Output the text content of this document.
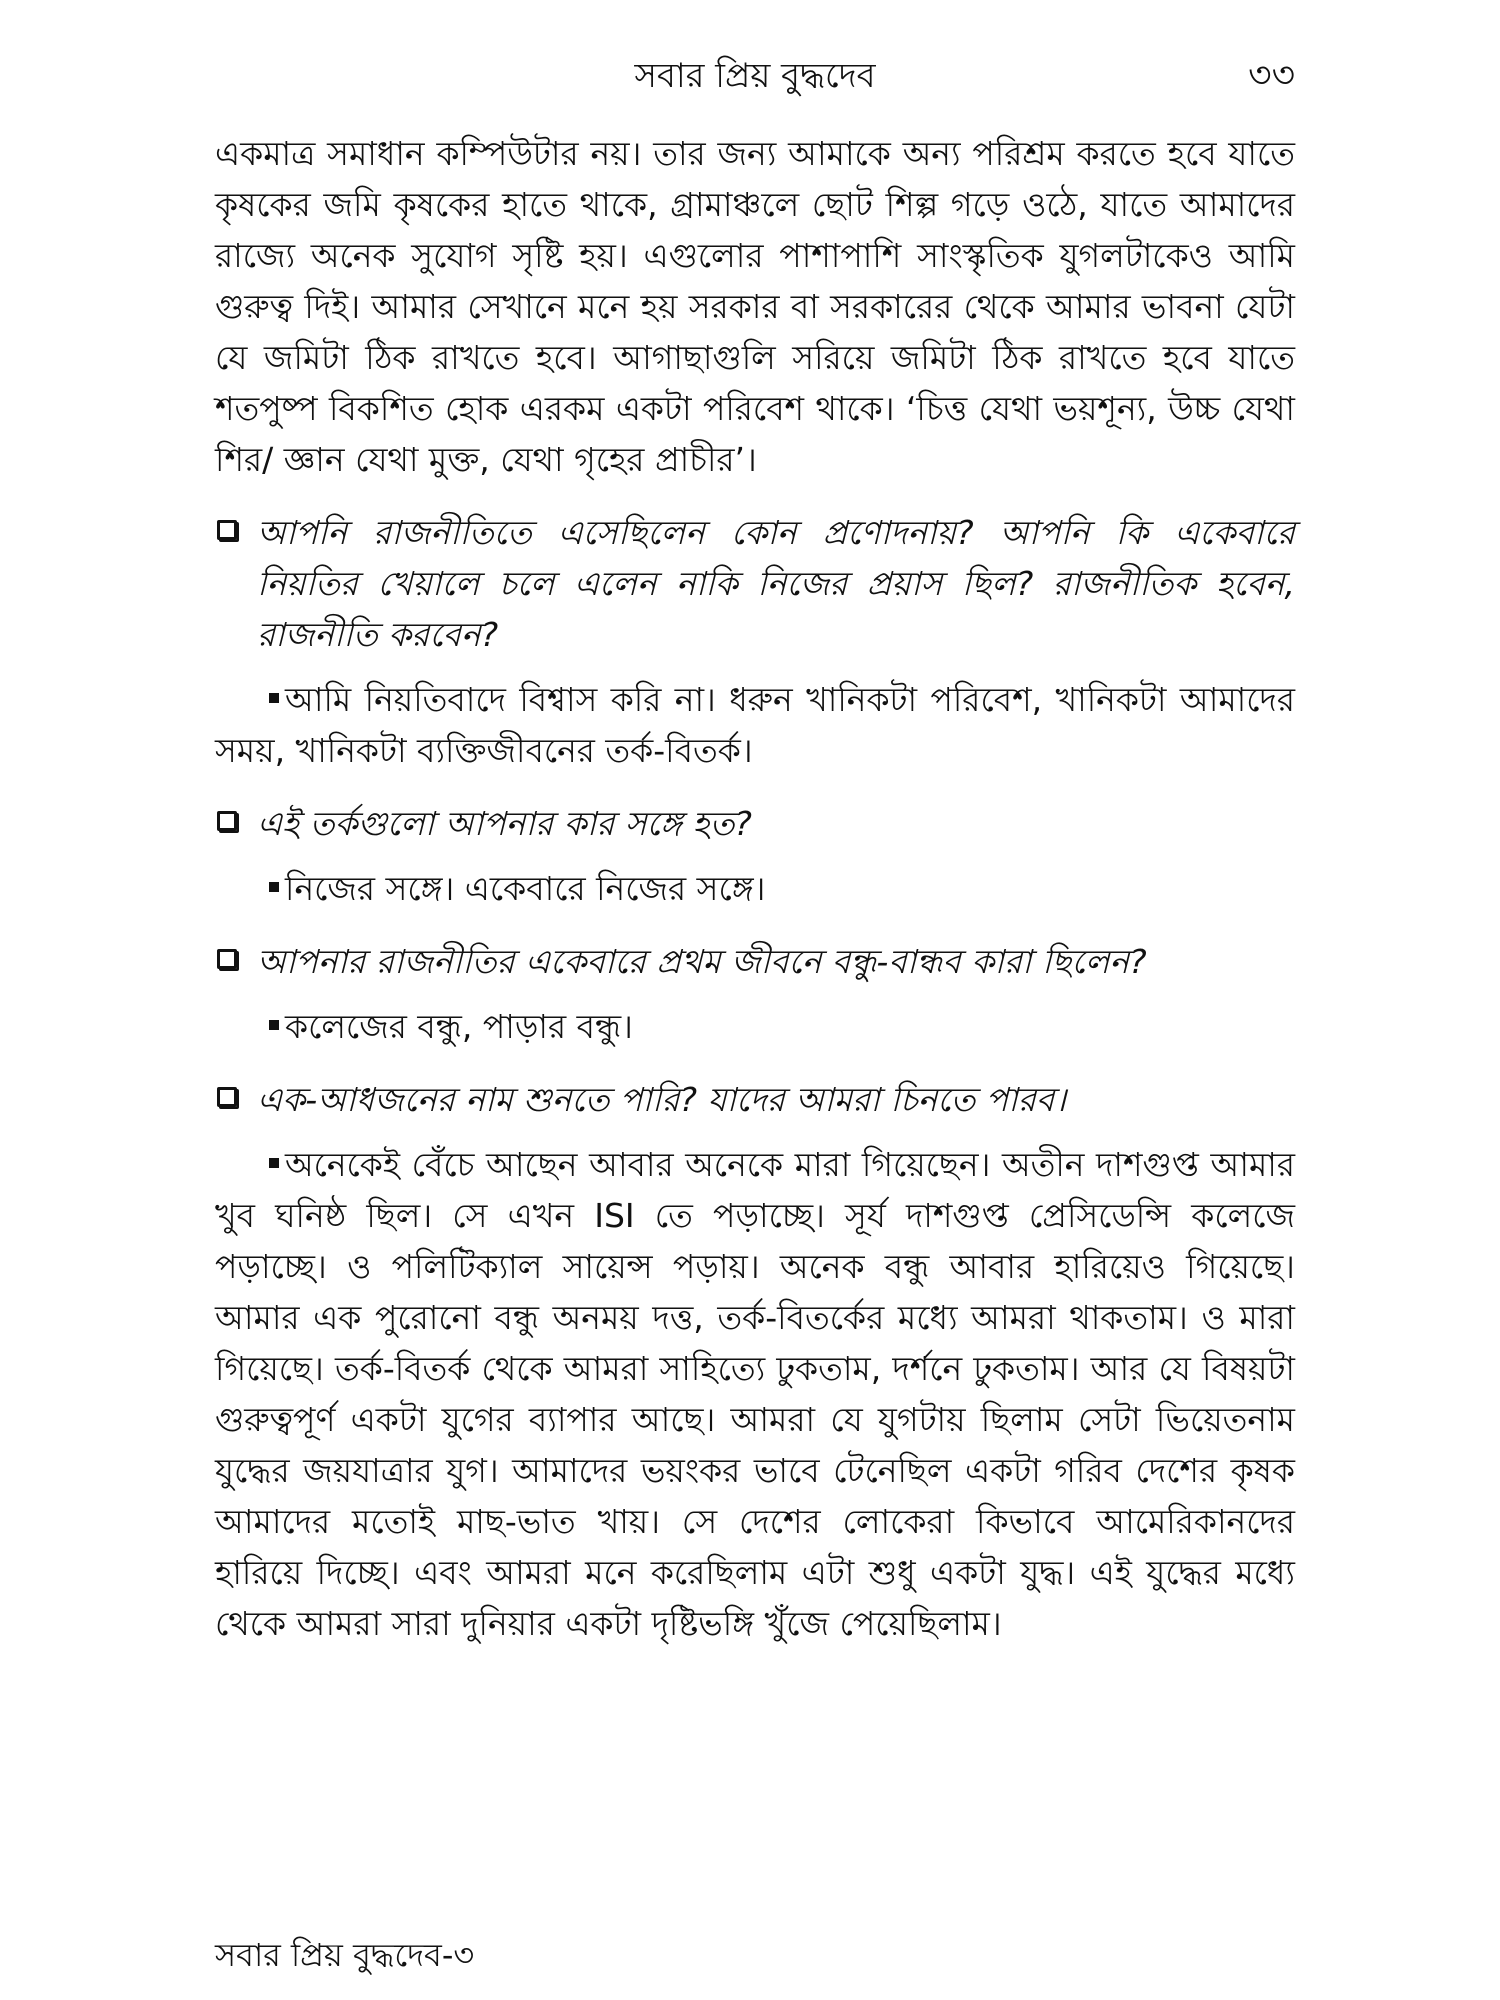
সবার প্রিয় বুদ্ধদেব	৩৩

একমাত্র সমাধান কম্পিউটার নয়। তার জন্য আমাকে অন্য পরিশ্রম করতে হবে যাতে কৃষকের জমি কৃষকের হাতে থাকে, গ্রামাঞ্চলে ছোট শিল্প গড়ে ওঠে, যাতে আমাদের রাজ্যে অনেক সুযোগ সৃষ্টি হয়। এগুলোর পাশাপাশি সাংস্কৃতিক যুগলটাকেও আমি গুরুত্ব দিই। আমার সেখানে মনে হয় সরকার বা সরকারের থেকে আমার ভাবনা যেটা যে জমিটা ঠিক রাখতে হবে। আগাছাগুলি সরিয়ে জমিটা ঠিক রাখতে হবে যাতে শতপুষ্প বিকশিত হোক এরকম একটা পরিবেশ থাকে। ‘চিত্ত যেথা ভয়শূন্য, উচ্চ যেথা শির/ জ্ঞান যেথা মুক্ত, যেথা গৃহের প্রাচীর’।

আপনি রাজনীতিতে এসেছিলেন কোন প্রণোদনায়? আপনি কি একেবারে নিয়তির খেয়ালে চলে এলেন নাকি নিজের প্রয়াস ছিল? রাজনীতিক হবেন, রাজনীতি করবেন?

আমি নিয়তিবাদে বিশ্বাস করি না। ধরুন খানিকটা পরিবেশ, খানিকটা আমাদের সময়, খানিকটা ব্যক্তিজীবনের তর্ক-বিতর্ক।

এই তর্কগুলো আপনার কার সঙ্গে হত?

নিজের সঙ্গে। একেবারে নিজের সঙ্গে।

আপনার রাজনীতির একেবারে প্রথম জীবনে বন্ধু-বান্ধব কারা ছিলেন?

কলেজের বন্ধু, পাড়ার বন্ধু।

এক-আধজনের নাম শুনতে পারি? যাদের আমরা চিনতে পারব।

অনেকেই বেঁচে আছেন আবার অনেকে মারা গিয়েছেন। অতীন দাশগুপ্ত আমার খুব ঘনিষ্ঠ ছিল। সে এখন ISI তে পড়াচ্ছে। সূর্য দাশগুপ্ত প্রেসিডেন্সি কলেজে পড়াচ্ছে। ও পলিটিক্যাল সায়েন্স পড়ায়। অনেক বন্ধু আবার হারিয়েও গিয়েছে। আমার এক পুরোনো বন্ধু অনময় দত্ত, তর্ক-বিতর্কের মধ্যে আমরা থাকতাম। ও মারা গিয়েছে। তর্ক-বিতর্ক থেকে আমরা সাহিত্যে ঢুকতাম, দর্শনে ঢুকতাম। আর যে বিষয়টা গুরুত্বপূর্ণ একটা যুগের ব্যাপার আছে। আমরা যে যুগটায় ছিলাম সেটা ভিয়েতনাম যুদ্ধের জয়যাত্রার যুগ। আমাদের ভয়ংকর ভাবে টেনেছিল একটা গরিব দেশের কৃষক আমাদের মতোই মাছ-ভাত খায়। সে দেশের লোকেরা কিভাবে আমেরিকানদের হারিয়ে দিচ্ছে। এবং আমরা মনে করেছিলাম এটা শুধু একটা যুদ্ধ। এই যুদ্ধের মধ্যে থেকে আমরা সারা দুনিয়ার একটা দৃষ্টিভঙ্গি খুঁজে পেয়েছিলাম।

সবার প্রিয় বুদ্ধদেব-৩
